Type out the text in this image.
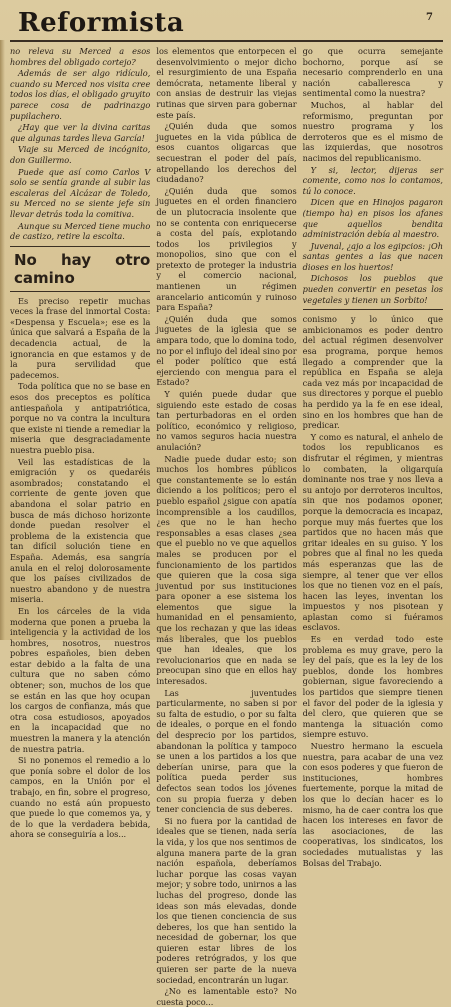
Reformista	7

no releva su Merced a esos hombres del obligado cortejo?

Además de ser algo ridículo, cuando su Merced nos visita cree todos los días, el obligado gruyito parece cosa de padrinazgo pupilachero.

¿Hay que ver la divina caritas que algunas tardes lleva García!

Viaje su Merced de incógnito, don Guillermo.

Puede que así como Carlos V solo se sentía grande al subir las escaleras del Alcázar de Toledo, su Merced no se siente jefe sin llevar detrás toda la comitiva.

Aunque su Merced tiene mucho de castizo, retire la escolta.

No hay otro camino

Es preciso repetir muchas veces la frase del inmortal Costa: «Despensa y Escuela»; ese es la única que salvará a España de la decadencia actual, de la ignorancia en que estamos y de la pura servilidad que padecemos.

Toda política que no se base en esos dos preceptos es política antiespañola y antipatriótica, porque no va contra la incultura que existe ni tiende a remediar la miseria que desgraciadamente nuestra pueblo pisa.

Veil las estadísticas de la emigración y os quedaréis asombrados; constatando el corriente de gente joven que abandona el solar patrio en busca de más dichoso horizonte donde puedan resolver el problema de la existencia que tan difícil solución tiene en España. Además, esa sangría anula en el reloj dolorosamente que los países civilizados de nuestro abandono y de nuestra miseria.

En los cárceles de la vida moderna que ponen a prueba la inteligencia y la actividad de los hombres, nosotros, nuestros pobres españoles, bien deben estar debido a la falta de una cultura que no saben cómo obtener; son, muchos de los que se están en las que hoy ocupan los cargos de confianza, más que otra cosa estudiosos, apoyados en la incapacidad que no muestren la manera y la atención de nuestra patria.

Si no ponemos el remedio a lo que ponía sobre el dolor de los campos, en la Unión por el trabajo, en fin, sobre el progreso, cuando no está aún propuesto que puede lo que comemos ya, y de lo que la verdadera bebida, ahora se conseguiría a los...

los elementos que entorpecen el desenvolvimiento o mejor dicho el resurgimiento de una España demócrata, netamente liberal y con ansias de destruir las viejas rutinas que sirven para gobernar este país.

¿Quién duda que somos juguetes en la vida pública de esos cuantos oligarcas que secuestran el poder del país, atropellando los derechos del ciudadano?

¿Quién duda que somos juguetes en el orden financiero de un plutocracia insolente que no se contenta con enriquecerse a costa del país, explotando todos los privilegios y monopolios, sino que con el pretexto de proteger la industria y el comercio nacional, mantienen un régimen arancelario anticomún y ruinoso para España?

¿Quién duda que somos juguetes de la iglesia que se ampara todo, que lo domina todo, no por el influjo del ideal sino por el poder político que está ejerciendo con mengua para el Estado?

Y quién puede dudar que siguiendo este estado de cosas tan perturbadoras en el orden político, económico y religioso, no vamos seguros hacia nuestra anulación?

Nadie puede dudar esto; son muchos los hombres públicos que constantemente se lo están diciendo a los políticos; pero el pueblo español ¿sigue con apatía incomprensible a los caudillos, ¿es que no le han hecho responsables a esas clases ¿sea que el pueblo no ve que aquellos males se producen por el funcionamiento de los partidos que quieren que la cosa siga juventud por sus instituciones para oponer a ese sistema los elementos que sigue la humanidad en el pensamiento, que los rechazan y que las ideas más liberales, que los pueblos que han ideales, que los revolucionarios que en nada se preocupan sino que en ellos hay interesados.

Las juventudes particularmente, no saben si por su falta de estudio, o por su falta de ideales, o porque en el fondo del desprecio por los partidos, abandonan la política y tampoco se unen a los partidos a los que deberían unirse, para que la política pueda perder sus defectos sean todos los jóvenes con su propia fuerza y deben tener conciencia de sus deberes.

Si no fuera por la cantidad de ideales que se tienen, nada sería la vida, y los que nos sentimos de alguna manera parte de la gran nación española, deberíamos luchar porque las cosas vayan mejor; y sobre todo, unirnos a las luchas del progreso, donde las ideas son más elevadas, donde los que tienen conciencia de sus deberes, los que han sentido la necesidad de gobernar, los que quieren estar libres de los poderes retrógrados, y los que quieren ser parte de la nueva sociedad, encontrarán un lugar.

¿No es lamentable esto? No cuesta poco...

go que ocurra semejante bochorno, porque así se necesario comprenderlo en una nación caballeresca y sentimental como la nuestra?

Muchos, al hablar del reformismo, preguntan por nuestro programa y los derroteros que es el mismo de las izquierdas, que nosotros nacimos del republicanismo.

Y si, lector, dijeras ser comente, como nos lo contamos, tú lo conoce.

Dicen que en Hinojos pagaron (tiempo ha) en pisos los afanes que aquellos bendita administración debía al maestro.

Juvenal, ¿ajo a los egipcios: ¡Oh santas gentes a las que nacen dioses en los huertos!

Dichosos los pueblos que pueden convertir en pesetas los vegetales y tienen un Sorbito!

conismo y lo único que ambicionamos es poder dentro del actual régimen desenvolver esa programa, porque hemos llegado a comprender que la república en España se aleja cada vez más por incapacidad de sus directores y porque el pueblo ha perdido ya la fe en ese ideal, sino en los hombres que han de predicar.

Y como es natural, el anhelo de todos los republicanos es disfrutar el régimen, y mientras lo combaten, la oligarquía dominante nos trae y nos lleva a su antojo por derroteros incultos, sin que nos podamos oponer, porque la democracia es incapaz, porque muy más fuertes que los partidos que no hacen más que gritar ideales en su guiso. Y los pobres que al final no les queda más esperanzas que las de siempre, al tener que ver ellos los que no tienen voz en el país, hacen las leyes, inventan los impuestos y nos pisotean y aplastan como si fuéramos esclavos.

Es en verdad todo este problema es muy grave, pero la ley del país, que es la ley de los pueblos, donde los hombres gobiernan, sigue favoreciendo a los partidos que siempre tienen el favor del poder de la iglesia y del clero, que quieren que se mantenga la situación como siempre estuvo.

Nuestro hermano la escuela nuestra, para acabar de una vez con esos poderes y que fueron de instituciones, hombres fuertemente, porque la mitad de los que lo decían hacer es lo mismo, ha de caer contra los que hacen los intereses en favor de las asociaciones, de las cooperativas, los sindicatos, los sociedades mutualistas y las Bolsas del Trabajo.
